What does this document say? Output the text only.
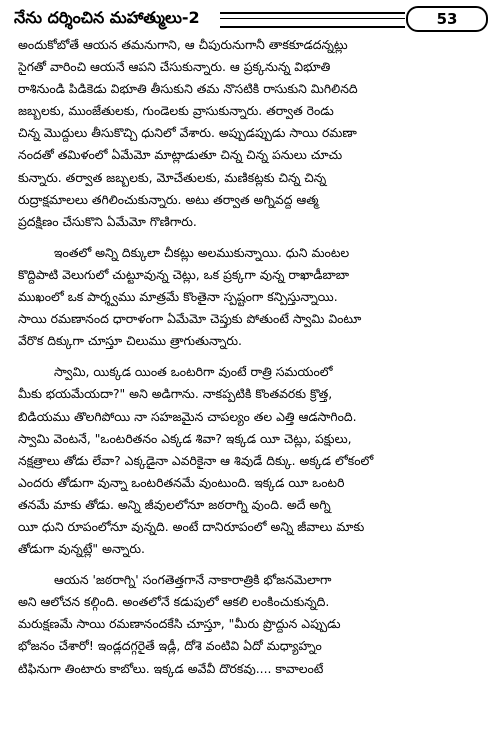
నేను దర్శించిన మహాత్ములు-2	53
అందుకోబోతే ఆయన తమనుగాని, ఆ చీపురునుగానీ తాకకూడదన్నట్లు
సైగతో వారించి ఆయనే ఆపని చేసుకున్నారు. ఆ ప్రక్కనున్న విభూతి
రాశినుండి పిడికెడు విభూతి తీసుకుని తమ నొసటికి రాసుకుని మిగిలినది
జబ్బలకు, ముంజేతులకు, గుండెలకు వ్రాసుకున్నారు. తర్వాత రెండు
చిన్న మొద్దులు తీసుకొచ్చి ధునిలో వేశారు. అప్పుడప్పుడు సాయి రమణా
నందతో తమిళంలో ఏమేమో మాట్లాడుతూ చిన్న చిన్న పనులు చూచు
కున్నారు. తర్వాత జబ్బలకు, మోచేతులకు, మణికట్లకు చిన్న చిన్న
రుద్రాక్షమాలలు తగిలించుకున్నారు. అటు తర్వాత అగ్నివద్ద ఆత్మ
ప్రదక్షిణం చేసుకొని ఏమేమో గొణిగారు.
ఇంతలో అన్ని దిక్కులా చీకట్లు అలముకున్నాయి. ధుని మంటల
కొద్దిపాటి వెలుగులో చుట్టూవున్న చెట్లు, ఒక ప్రక్కగా వున్న రాఖాడీబాబా
ముఖంలో ఒక పార్శ్వము మాత్రమే కొంతైనా స్పష్టంగా కన్పిస్తున్నాయి.
సాయి రమణానంద ధారాళంగా ఏమేమో చెప్తుకు పోతుంటే స్వామి వింటూ
వేరొక దిక్కుగా చూస్తూ చిలుము త్రాగుతున్నారు.
స్వామి, యిక్కడ యింత ఒంటరిగా వుంటే రాత్రి సమయంలో
మీకు భయమేయదా?" అని అడిగాను. నాకప్పటికి కొంతవరకు క్రొత్త,
బిడియము తొలగిపోయి నా సహజమైన చాపల్యం తల ఎత్తి ఆడసాగింది.
స్వామి వెంటనే, "ఒంటరితనం ఎక్కడ శివా? ఇక్కడ యీ చెట్లు, పక్షులు,
నక్షత్రాలు తోడు లేవా? ఎక్కడైనా ఎవరికైనా ఆ శివుడే దిక్కు. అక్కడ లోకంలో
ఎందరు తోడుగా వున్నా ఒంటరితనమే వుంటుంది. ఇక్కడ యీ ఒంటరి
తనమే మాకు తోడు. అన్ని జీవులలోనూ జఠరాగ్ని వుంది. అదే అగ్ని
యీ ధుని రూపంలోనూ వున్నది. అంటే దానిరూపంలో అన్ని జీవాలు మాకు
తోడుగా వున్నట్లే" అన్నారు.
ఆయన 'జఠరాగ్ని' సంగతెత్తగానే నాకారాత్రికి భోజనమెలాగా
అని ఆలోచన కల్గింది. అంతలోనే కడుపులో ఆకలి లంకించుకున్నది.
మరుక్షణమే సాయి రమణానందకేసి చూస్తూ, "మీరు ప్రొద్దున ఎప్పుడు
భోజనం చేశారో! ఇండ్లదగ్గరైతే ఇడ్లీ, దోశె వంటివి ఏదో మధ్యాహ్నం
టిఫినుగా తింటారు కాబోలు. ఇక్కడ అవేవీ దొరకవు.... కావాలంటే
